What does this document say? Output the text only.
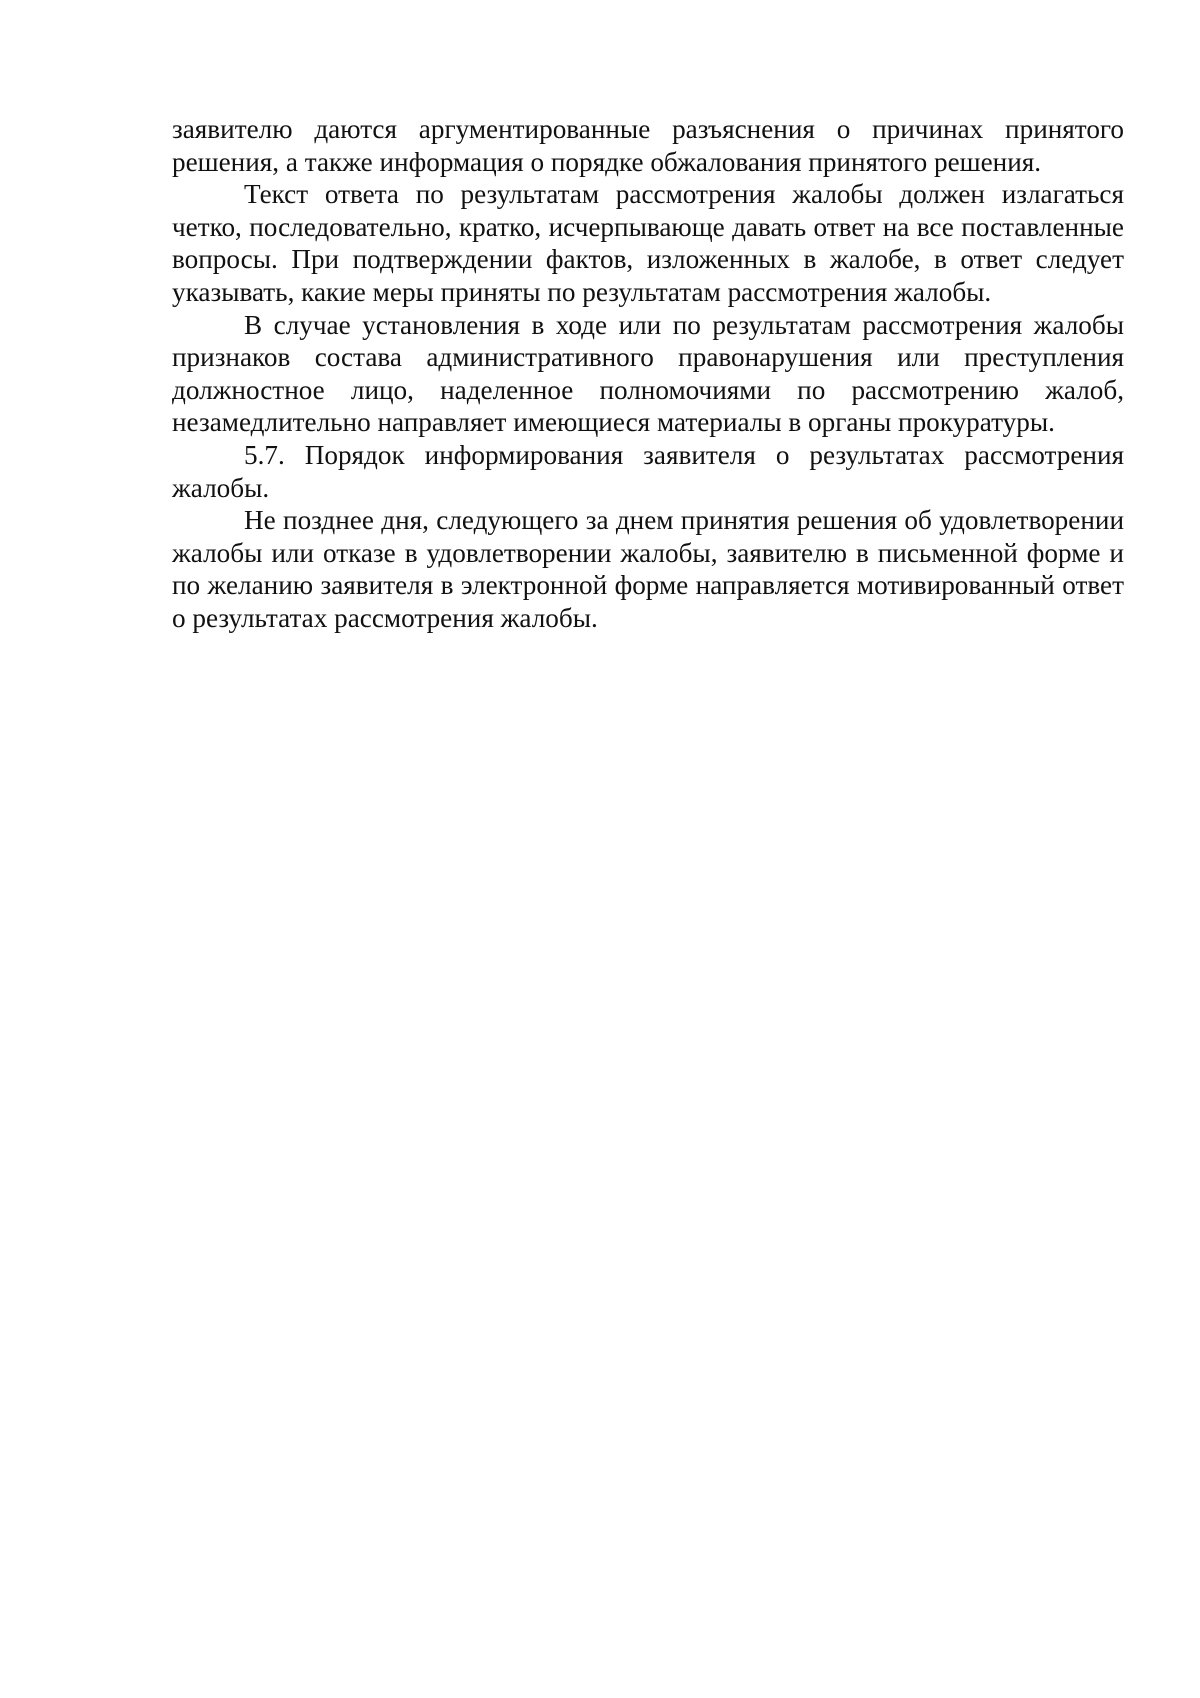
заявителю даются аргументированные разъяснения о причинах принятого решения, а также информация о порядке обжалования принятого решения.

Текст ответа по результатам рассмотрения жалобы должен излагаться четко, последовательно, кратко, исчерпывающе давать ответ на все поставленные вопросы. При подтверждении фактов, изложенных в жалобе, в ответ следует указывать, какие меры приняты по результатам рассмотрения жалобы.

В случае установления в ходе или по результатам рассмотрения жалобы признаков состава административного правонарушения или преступления должностное лицо, наделенное полномочиями по рассмотрению жалоб, незамедлительно направляет имеющиеся материалы в органы прокуратуры.

5.7. Порядок информирования заявителя о результатах рассмотрения жалобы.

Не позднее дня, следующего за днем принятия решения об удовлетворении жалобы или отказе в удовлетворении жалобы, заявителю в письменной форме и по желанию заявителя в электронной форме направляется мотивированный ответ о результатах рассмотрения жалобы.
